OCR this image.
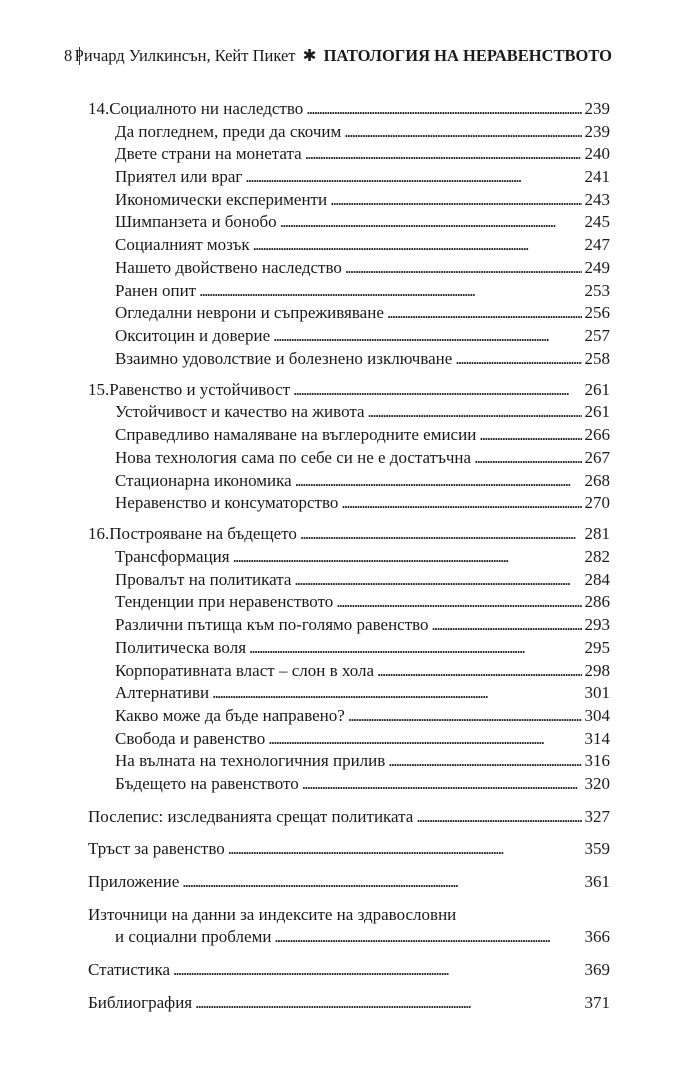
8 Ричард Уилкинсън, Кейт Пикет ✱ ПАТОЛОГИЯ НА НЕРАВЕНСТВОТО
14.Социалното ни наследство . . .	239
Да погледнем, преди да скочим . . .	239
Двете страни на монетата . . .	240
Приятел или враг . . .	241
Икономически експерименти . . .	243
Шимпанзета и бонобо . . .	245
Социалният мозък . . .	247
Нашето двойствено наследство . . .	249
Ранен опит . . .	253
Огледални неврони и съпреживяване . . .	256
Окситоцин и доверие . . .	257
Взаимно удоволствие и болезнено изключване . . .	258
15.Равенство и устойчивост . . .	261
Устойчивост и качество на живота . . .	261
Справедливо намаляване на въглеродните емисии . . .	266
Нова технология сама по себе си не е достатъчна . . .	267
Стационарна икономика . . .	268
Неравенство и консуматорство . . .	270
16.Построяване на бъдещето . . .	281
Трансформация . . .	282
Провалът на политиката . . .	284
Тенденции при неравенството . . .	286
Различни пътища към по-голямо равенство . . .	293
Политическа воля . . .	295
Корпоративната власт – слон в хола . . .	298
Алтернативи . . .	301
Какво може да бъде направено? . . .	304
Свобода и равенство . . .	314
На вълната на технологичния прилив . . .	316
Бъдещето на равенството . . .	320
Послепис: изследванията срещат политиката . . .	327
Тръст за равенство . . .	359
Приложение . . .	361
Източници на данни за индексите на здравословни
и социални проблеми . . .	366
Статистика . . .	369
Библиография . . .	371
